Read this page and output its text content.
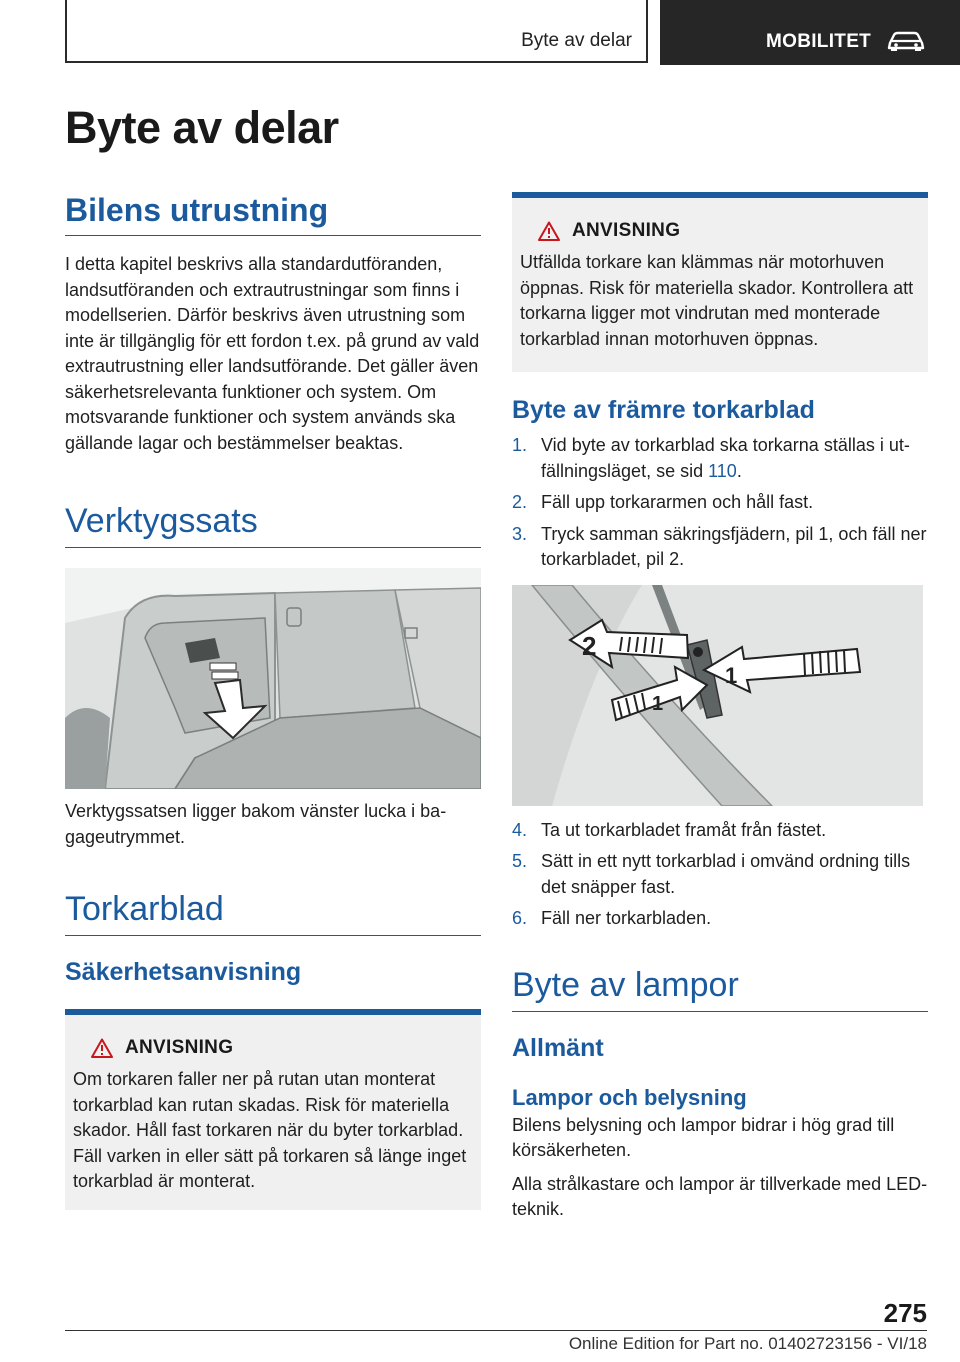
Byte av delar	MOBILITET
Byte av delar
Bilens utrustning

I detta kapitel beskrivs alla standardutföranden, landsutföranden och extrautrustningar som finns i modellserien. Därför beskrivs även utrustning som inte är tillgänglig för ett fordon t.ex. på grund av vald extrautrustning eller landsutförande. Det gäller även säkerhetsrelevanta funktioner och system. Om motsvarande funktioner och system används ska gällande lagar och bestämmelser beaktas.

Verktygssats

Verktygssatsen ligger bakom vänster lucka i bagageutrymmet.

Torkarblad
Säkerhetsanvisning
ANVISNING

Om torkaren faller ner på rutan utan monterat torkarblad kan rutan skadas. Risk för materiella skador. Håll fast torkaren när du byter torkarblad. Fäll varken in eller sätt på torkaren så länge inget torkarblad är monterat.

ANVISNING

Utfällda torkare kan klämmas när motorhuven öppnas. Risk för materiella skador. Kontrollera att torkarna ligger mot vindrutan med monterade torkarblad innan motorhuven öppnas.

Byte av främre torkarblad
1. Vid byte av torkarblad ska torkarna ställas i utfällningsläget, se sid 110.
2. Fäll upp torkararmen och håll fast.
3. Tryck samman säkringsfjädern, pil 1, och fäll ner torkarbladet, pil 2.
2
1
1
4. Ta ut torkarbladet framåt från fästet.
5. Sätt in ett nytt torkarblad i omvänd ordning tills det snäpper fast.
6. Fäll ner torkarbladen.
Byte av lampor
Allmänt
Lampor och belysning

Bilens belysning och lampor bidrar i hög grad till körsäkerheten.

Alla strålkastare och lampor är tillverkade med LED-teknik.

275
Online Edition for Part no. 01402723156 - VI/18
